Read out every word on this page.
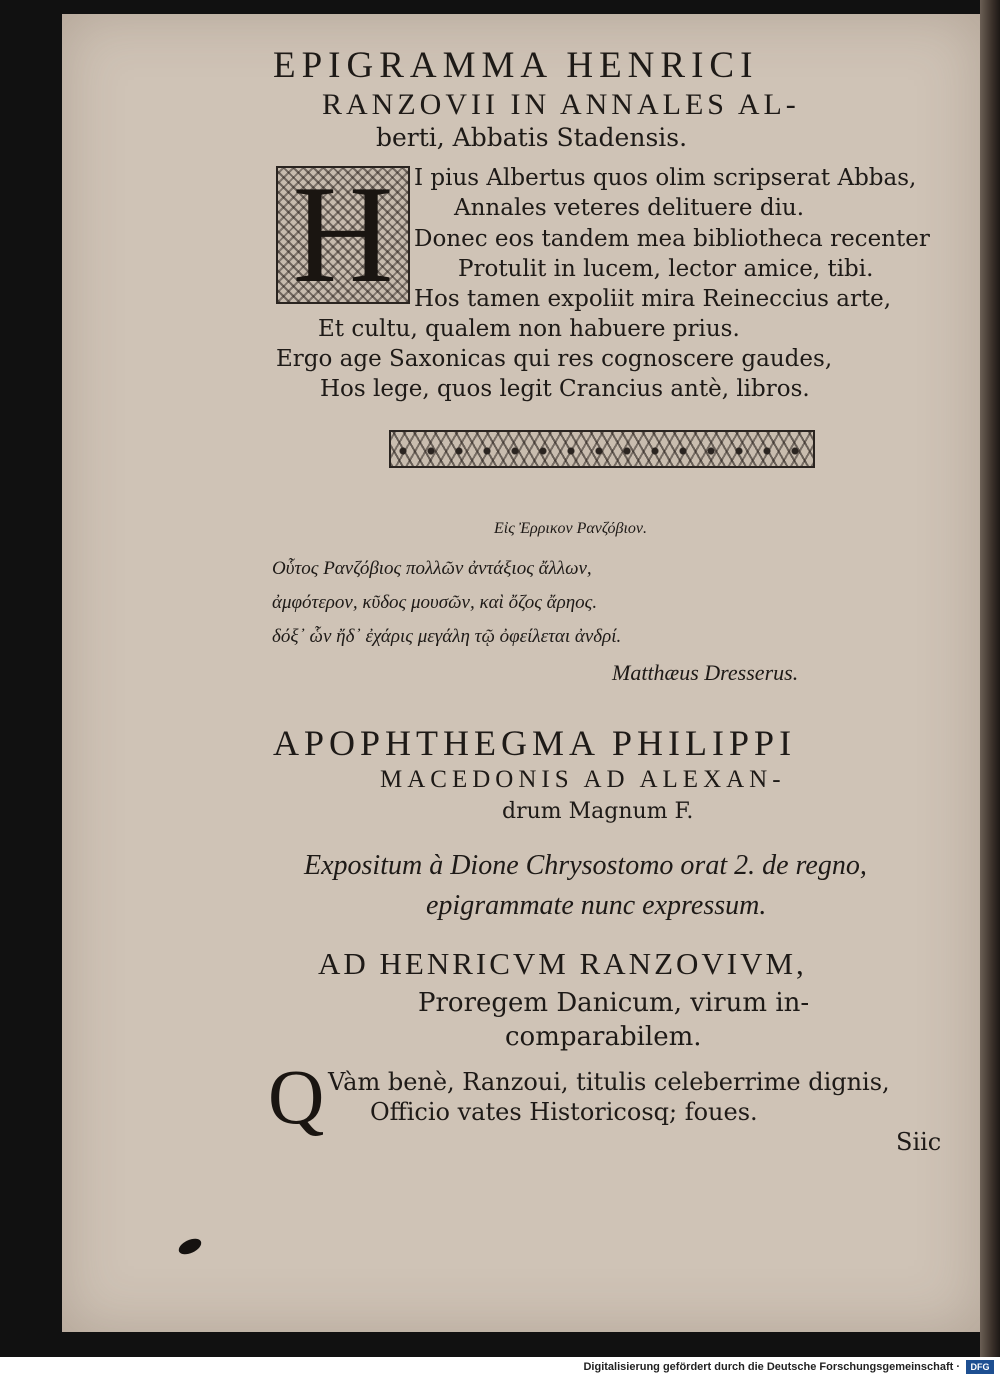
EPIGRAMMA HENRICI
RANZOVII IN ANNALES AL-
berti, Abbatis Stadensis.
H I pius Albertus quos olim scripserat Abbas,
Annales veteres delituere diu.
Donec eos tandem mea bibliotheca recenter
Protulit in lucem, lector amice, tibi.
Hos tamen expoliit mira Reineccius arte,
Et cultu, qualem non habuere prius.
Ergo age Saxonicas qui res cognoscere gaudes,
Hos lege, quos legit Crancius antè, libros.
Εἰς Ἐρρικον Ρανζόβιον.
Οὗτος Ρανζόβιος πολλῶν ἀντάξιος ἄλλων,
ἀμφότερον, κῦδος μουσῶν, καὶ ὄζος ἄρηος.
δόξ᾽ ὧν ἤδ᾽ ἐχάρις μεγάλη τῷ ὀφείλεται ἀνδρί.
Matthæus Dresserus.
APOPHTHEGMA PHILIPPI
MACEDONIS AD ALEXAN-
drum Magnum F.
Expositum à Dione Chrysostomo orat 2. de regno,
epigrammate nunc expressum.
AD HENRICVM RANZOVIVM,
Proregem Danicum, virum in-
comparabilem.
Q Vàm benè, Ranzoui, titulis celeberrime dignis,
Officio vates Historicosq; foues.
Siic
Digitalisierung gefördert durch die Deutsche Forschungsgemeinschaft ·	DFG
